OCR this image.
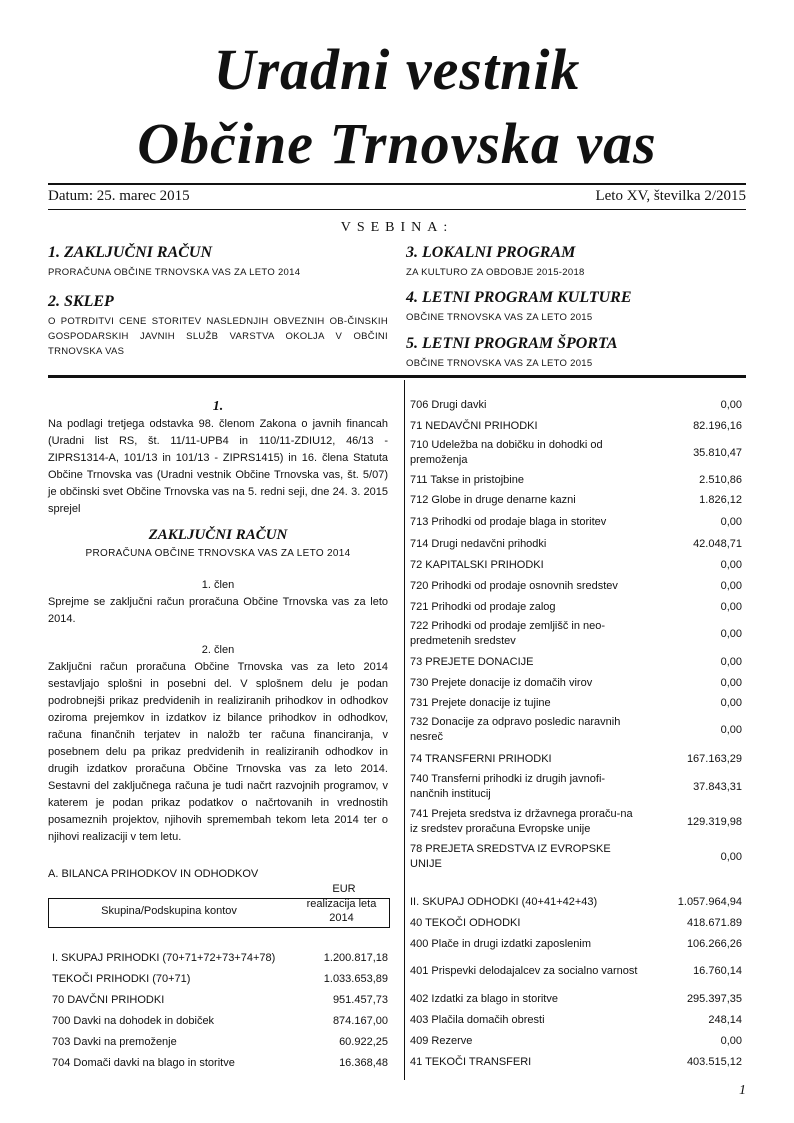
Uradni vestnik
Občine Trnovska vas
Datum: 25. marec 2015	Leto XV, številka 2/2015
VSEBINA:
1. ZAKLJUČNI RAČUN
PRORAČUNA OBČINE TRNOVSKA VAS ZA LETO 2014
2. SKLEP
O POTRDITVI CENE STORITEV NASLEDNJIH OBVEZNIH OB-ČINSKIH GOSPODARSKIH JAVNIH SLUŽB VARSTVA OKOLJA V OBČINI TRNOVSKA VAS
3. LOKALNI PROGRAM
ZA KULTURO ZA OBDOBJE 2015-2018
4. LETNI PROGRAM KULTURE
OBČINE TRNOVSKA VAS ZA LETO 2015
5. LETNI PROGRAM ŠPORTA
OBČINE TRNOVSKA VAS ZA LETO 2015
1.
Na podlagi tretjega odstavka 98. členom Zakona o javnih financah (Uradni list RS, št. 11/11-UPB4 in 110/11-ZDIU12, 46/13 - ZIPRS1314-A, 101/13 in 101/13 - ZIPRS1415) in 16. člena Statuta Občine Trnovska vas (Uradni vestnik Občine Trnovska vas, št. 5/07) je občinski svet Občine Trnovska vas na 5. redni seji, dne 24. 3. 2015 sprejel
ZAKLJUČNI RAČUN
PRORAČUNA OBČINE TRNOVSKA VAS ZA LETO 2014
1. člen
Sprejme se zaključni račun proračuna Občine Trnovska vas za leto 2014.
2. člen
Zaključni račun proračuna Občine Trnovska vas za leto 2014 sestavljajo splošni in posebni del. V splošnem delu je podan podrobnejši prikaz predvidenih in realiziranih prihodkov in odhodkov oziroma prejemkov in izdatkov iz bilance prihodkov in odhodkov, računa finančnih terjatev in naložb ter računa financiranja, v posebnem delu pa prikaz predvidenih in realiziranih odhodkov in drugih izdatkov proračuna Občine Trnovska vas za leto 2014. Sestavni del zaključnega računa je tudi načrt razvojnih programov, v katerem je podan prikaz podatkov o načrtovanih in vrednostih posameznih projektov, njihovih spremembah tekom leta 2014 ter o njihovi realizaciji v tem letu.
A. BILANCA PRIHODKOV IN ODHODKOV
EUR
Skupina/Podskupina kontov
realizacija leta 2014
I. SKUPAJ PRIHODKI (70+71+72+73+74+78)	1.200.817,18
TEKOČI PRIHODKI (70+71)	1.033.653,89
70 DAVČNI PRIHODKI	951.457,73
700 Davki na dohodek in dobiček	874.167,00
703 Davki na premoženje	60.922,25
704 Domači davki na blago in storitve	16.368,48
706 Drugi davki	0,00
71 NEDAVČNI PRIHODKI	82.196,16
710 Udeležba na dobičku in dohodki od premoženja
35.810,47
711 Takse in pristojbine	2.510,86
712 Globe in druge denarne kazni	1.826,12
713 Prihodki od prodaje blaga in storitev	0,00
714 Drugi nedavčni prihodki	42.048,71
72 KAPITALSKI PRIHODKI	0,00
720 Prihodki od prodaje osnovnih sredstev	0,00
721 Prihodki od prodaje zalog	0,00
722 Prihodki od prodaje zemljišč in neo-predmetenih sredstev
0,00
73 PREJETE DONACIJE	0,00
730 Prejete donacije iz domačih virov	0,00
731 Prejete donacije iz tujine	0,00
732 Donacije za odpravo posledic naravnih nesreč
0,00
74 TRANSFERNI PRIHODKI	167.163,29
740 Transferni prihodki iz drugih javnofi-nančnih institucij
37.843,31
741 Prejeta sredstva iz državnega proraču-na iz sredstev proračuna Evropske unije
129.319,98
78 PREJETA SREDSTVA IZ EVROPSKE UNIJE
0,00
II. SKUPAJ ODHODKI (40+41+42+43)	1.057.964,94
40 TEKOČI ODHODKI	418.671.89
400 Plače in drugi izdatki zaposlenim	106.266,26
401 Prispevki delodajalcev za socialno varnost	16.760,14
402 Izdatki za blago in storitve	295.397,35
403 Plačila domačih obresti	248,14
409 Rezerve	0,00
41 TEKOČI TRANSFERI	403.515,12
1
